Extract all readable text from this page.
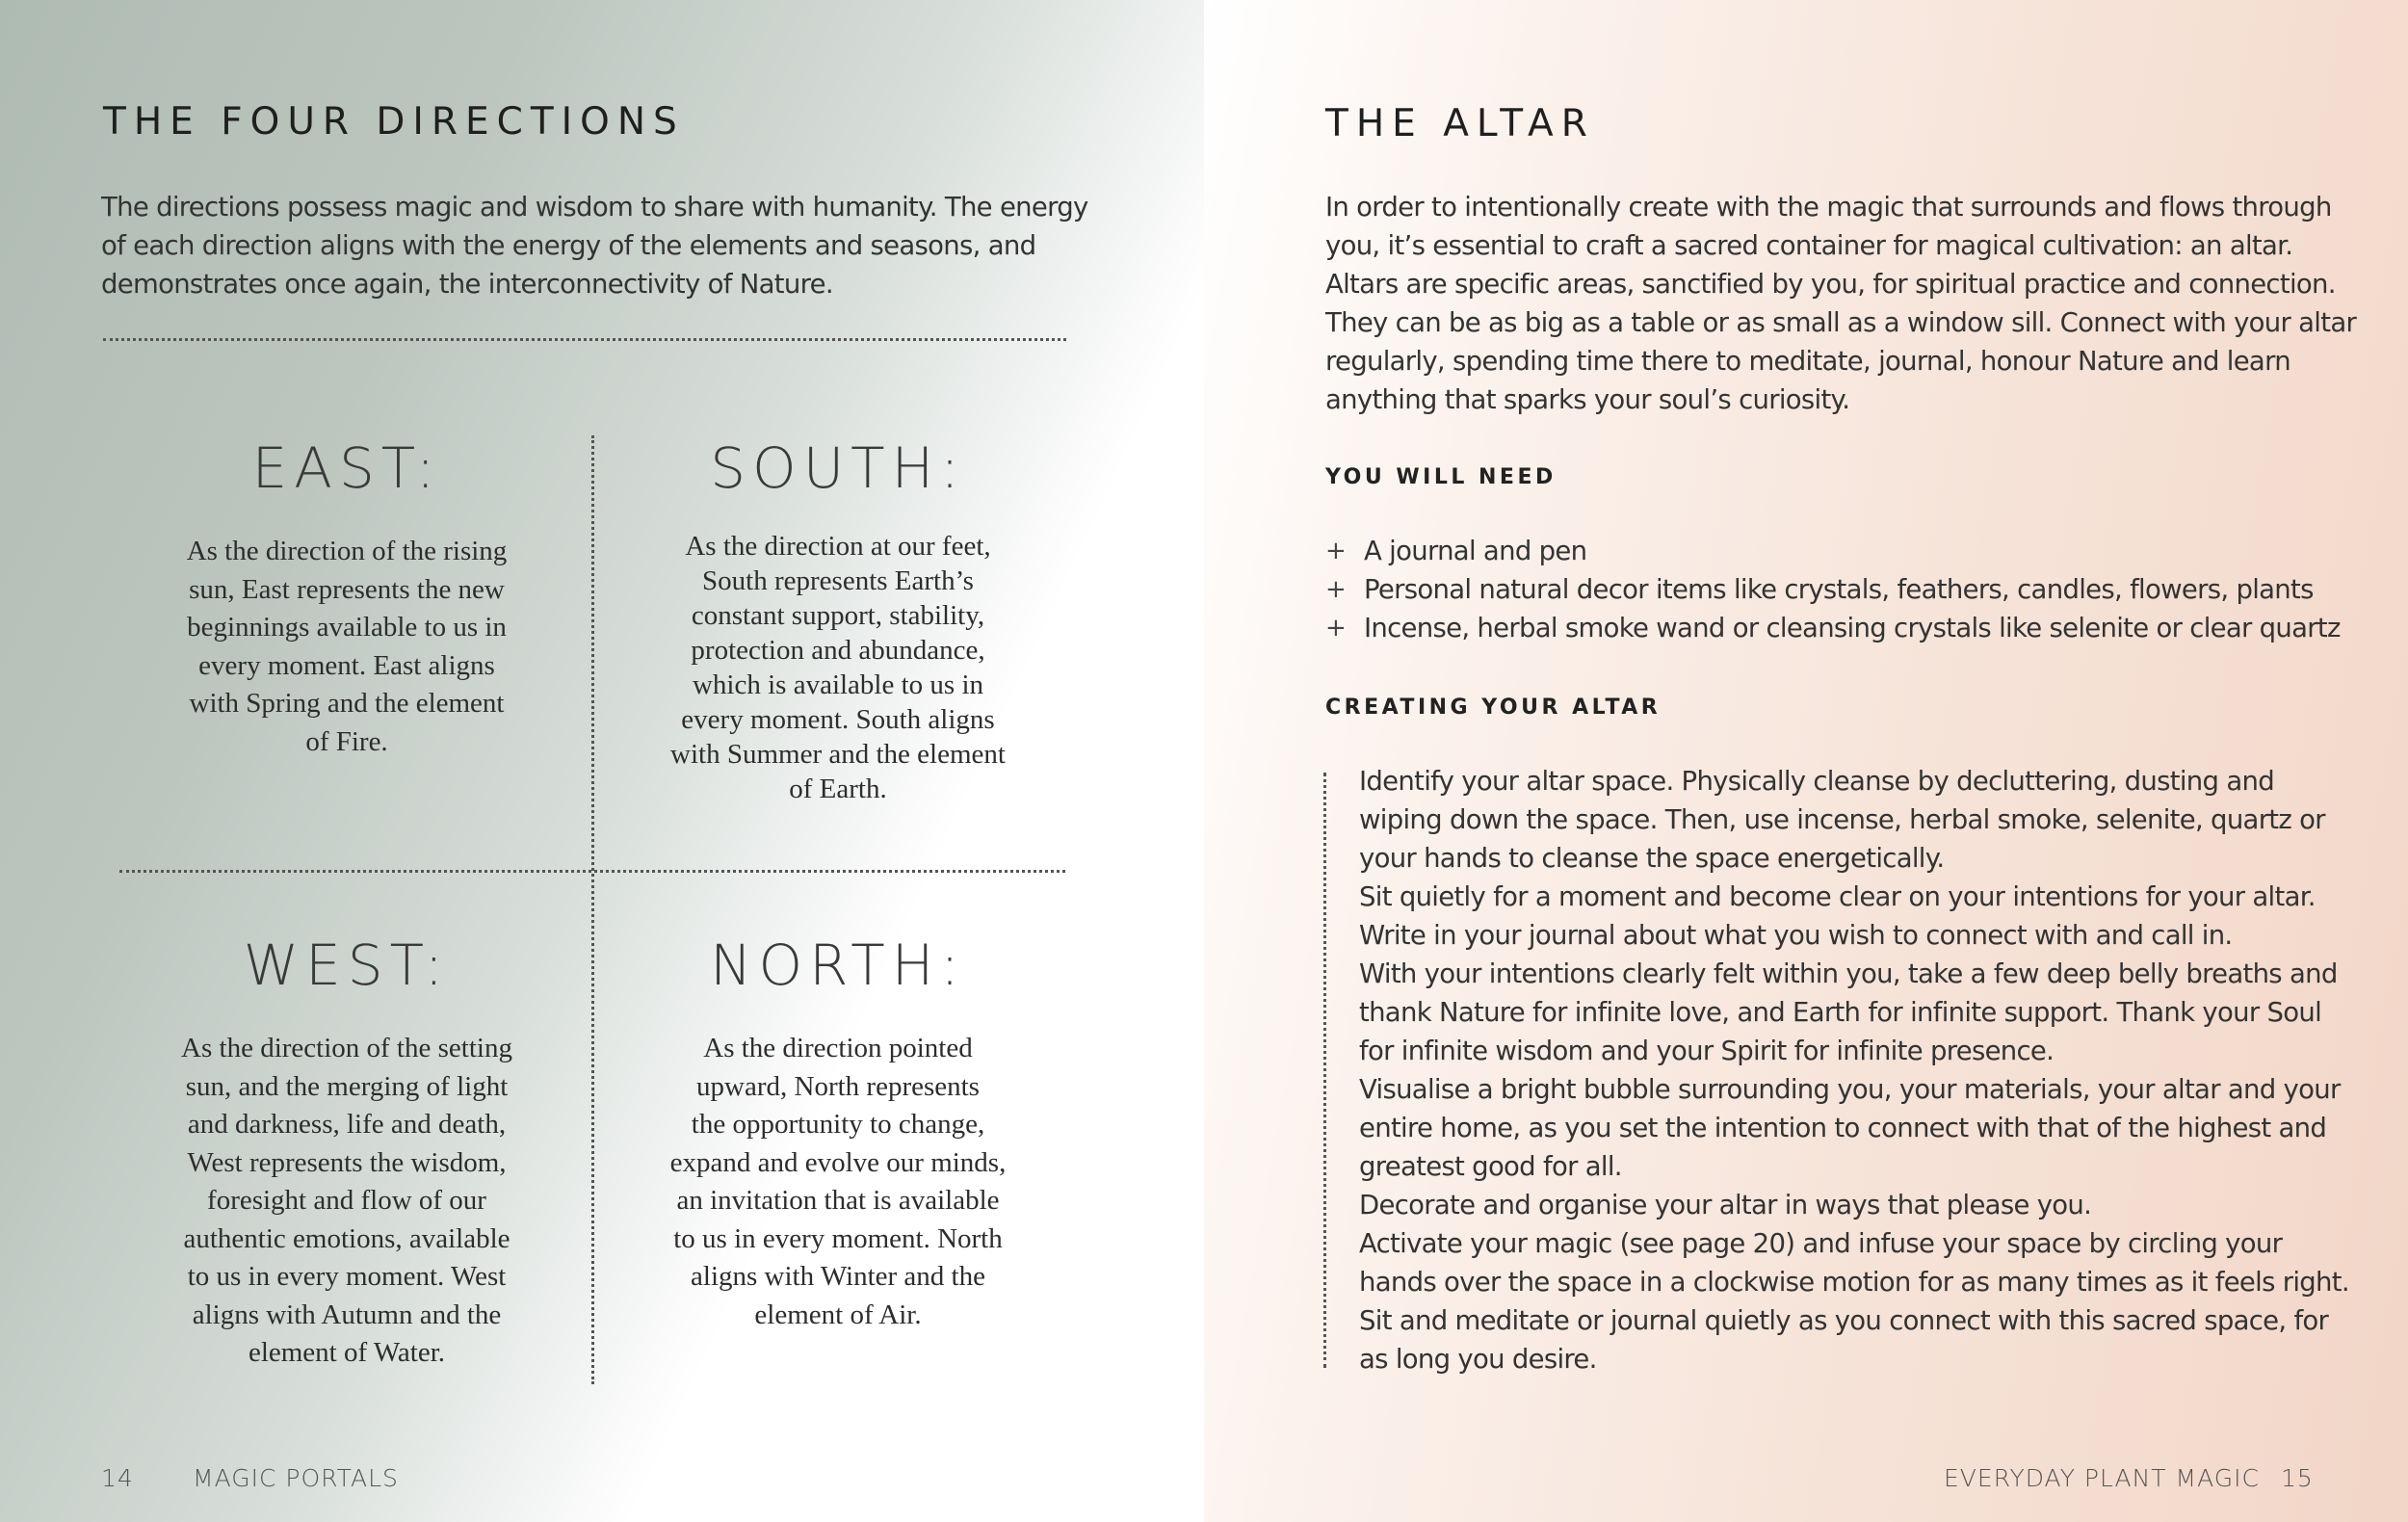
THE FOUR DIRECTIONS
The directions possess magic and wisdom to share with humanity. The energy
of each direction aligns with the energy of the elements and seasons, and
demonstrates once again, the interconnectivity of Nature.
EAST:
As the direction of the rising
sun, East represents the new
beginnings available to us in
every moment. East aligns
with Spring and the element
of Fire.
SOUTH:
As the direction at our feet,
South represents Earth’s
constant support, stability,
protection and abundance,
which is available to us in
every moment. South aligns
with Summer and the element
of Earth.
WEST:
As the direction of the setting
sun, and the merging of light
and darkness, life and death,
West represents the wisdom,
foresight and flow of our
authentic emotions, available
to us in every moment. West
aligns with Autumn and the
element of Water.
NORTH:
As the direction pointed
upward, North represents
the opportunity to change,
expand and evolve our minds,
an invitation that is available
to us in every moment. North
aligns with Winter and the
element of Air.
14 MAGIC PORTALS
THE ALTAR
In order to intentionally create with the magic that surrounds and flows through
you, it’s essential to craft a sacred container for magical cultivation: an altar.
Altars are specific areas, sanctified by you, for spiritual practice and connection.
They can be as big as a table or as small as a window sill. Connect with your altar
regularly, spending time there to meditate, journal, honour Nature and learn
anything that sparks your soul’s curiosity.
YOU WILL NEED
+ A journal and pen
+ Personal natural decor items like crystals, feathers, candles, flowers, plants
+ Incense, herbal smoke wand or cleansing crystals like selenite or clear quartz
CREATING YOUR ALTAR
Identify your altar space. Physically cleanse by decluttering, dusting and
wiping down the space. Then, use incense, herbal smoke, selenite, quartz or
your hands to cleanse the space energetically.
Sit quietly for a moment and become clear on your intentions for your altar.
Write in your journal about what you wish to connect with and call in.
With your intentions clearly felt within you, take a few deep belly breaths and
thank Nature for infinite love, and Earth for infinite support. Thank your Soul
for infinite wisdom and your Spirit for infinite presence.
Visualise a bright bubble surrounding you, your materials, your altar and your
entire home, as you set the intention to connect with that of the highest and
greatest good for all.
Decorate and organise your altar in ways that please you.
Activate your magic (see page 20) and infuse your space by circling your
hands over the space in a clockwise motion for as many times as it feels right.
Sit and meditate or journal quietly as you connect with this sacred space, for
as long you desire.
EVERYDAY PLANT MAGIC 15
